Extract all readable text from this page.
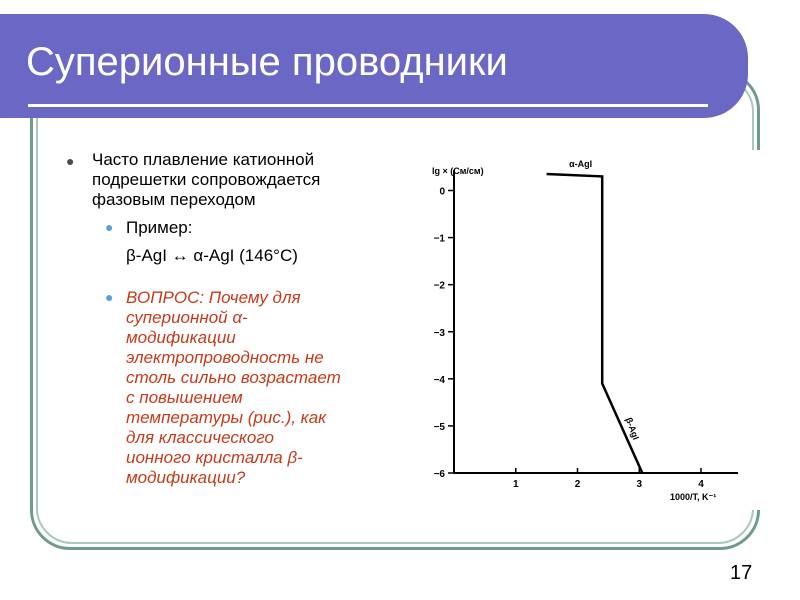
Суперионные проводники
● Часто плавление катионной
подрешетки сопровождается
фазовым переходом
● Пример:
β-AgI ↔ α-AgI (146°C)
● ВОПРОС: Почему для
суперионной α-
модификации
электропроводность не
столь сильно возрастает
с повышением
температуры (рис.), как
для классического
ионного кристалла β-
модификации?
0
−1
−2
−3
−4
−5
−6
1	2	3	4
lg × (См/см)
1000/T, K⁻¹
α-AgI
β-AgI
17
